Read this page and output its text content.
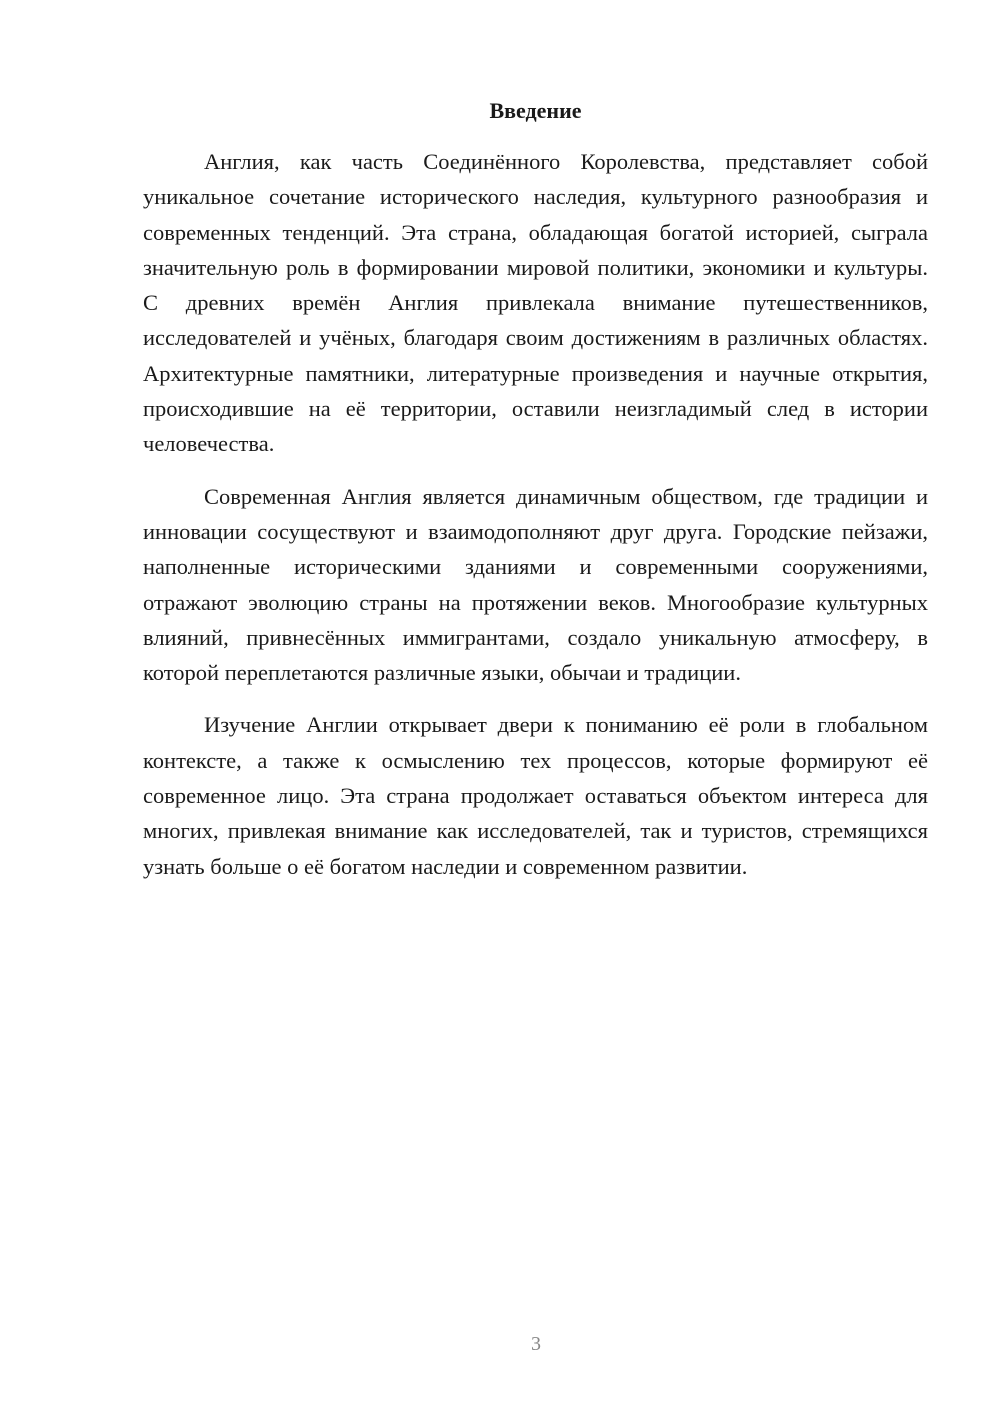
Введение

Англия, как часть Соединённого Королевства, представляет собой уникальное сочетание исторического наследия, культурного разнообразия и современных тенденций. Эта страна, обладающая богатой историей, сыграла значительную роль в формировании мировой политики, экономики и культуры. С древних времён Англия привлекала внимание путешественников, исследователей и учёных, благодаря своим достижениям в различных областях. Архитектурные памятники, литературные произведения и научные открытия, происходившие на её территории, оставили неизгладимый след в истории человечества.

Современная Англия является динамичным обществом, где традиции и инновации сосуществуют и взаимодополняют друг друга. Городские пейзажи, наполненные историческими зданиями и современными сооружениями, отражают эволюцию страны на протяжении веков. Многообразие культурных влияний, привнесённых иммигрантами, создало уникальную атмосферу, в которой переплетаются различные языки, обычаи и традиции.

Изучение Англии открывает двери к пониманию её роли в глобальном контексте, а также к осмыслению тех процессов, которые формируют её современное лицо. Эта страна продолжает оставаться объектом интереса для многих, привлекая внимание как исследователей, так и туристов, стремящихся узнать больше о её богатом наследии и современном развитии.

3
